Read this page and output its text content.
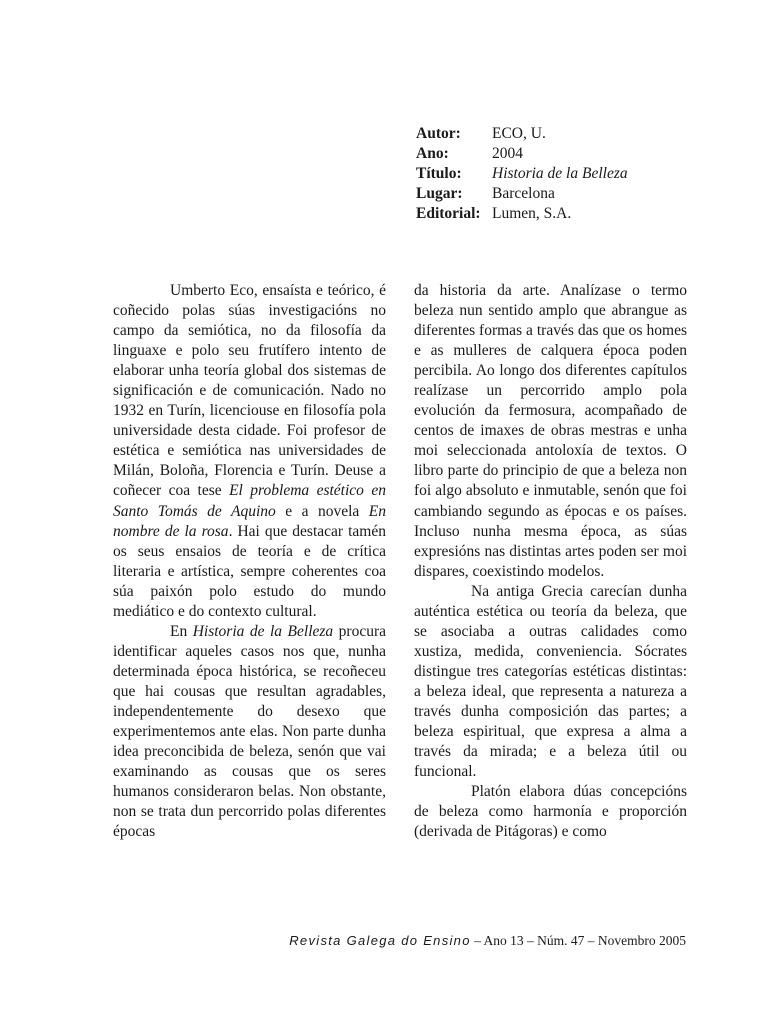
Autor:	ECO, U.
Ano:	2004
Título:	Historia de la Belleza
Lugar:	Barcelona
Editorial: Lumen, S.A.

Umberto Eco, ensaísta e teórico, é coñecido polas súas investigacións no campo da semiótica, no da filosofía da linguaxe e polo seu frutífero intento de elaborar unha teoría global dos sistemas de significación e de comunicación. Nado no 1932 en Turín, licenciouse en filosofía pola universidade desta cidade. Foi profesor de estética e semiótica nas universidades de Milán, Boloña, Florencia e Turín. Deuse a coñecer coa tese El problema estético en Santo Tomás de Aquino e a novela En nombre de la rosa. Hai que destacar tamén os seus ensaios de teoría e de crítica literaria e artística, sempre coherentes coa súa paixón polo estudo do mundo mediático e do contexto cultural.

En Historia de la Belleza procura identificar aqueles casos nos que, nunha determinada época histórica, se recoñeceu que hai cousas que resultan agradables, independentemente do desexo que experimentemos ante elas. Non parte dunha idea preconcibida de beleza, senón que vai examinando as cousas que os seres humanos consideraron belas. Non obstante, non se trata dun percorrido polas diferentes épocas

da historia da arte. Analízase o termo beleza nun sentido amplo que abrangue as diferentes formas a través das que os homes e as mulleres de calquera época poden percibila. Ao longo dos diferentes capítulos realízase un percorrido amplo pola evolución da fermosura, acompañado de centos de imaxes de obras mestras e unha moi seleccionada antoloxía de textos. O libro parte do principio de que a beleza non foi algo absoluto e inmutable, senón que foi cambiando segundo as épocas e os países. Incluso nunha mesma época, as súas expresións nas distintas artes poden ser moi dispares, coexistindo modelos.

Na antiga Grecia carecían dunha auténtica estética ou teoría da beleza, que se asociaba a outras calidades como xustiza, medida, conveniencia. Sócrates distingue tres categorías estéticas distintas: a beleza ideal, que representa a natureza a través dunha composición das partes; a beleza espiritual, que expresa a alma a través da mirada; e a beleza útil ou funcional.

Platón elabora dúas concepcións de beleza como harmonía e proporción (derivada de Pitágoras) e como

Revista Galega do Ensino – Ano 13 – Núm. 47 – Novembro 2005
